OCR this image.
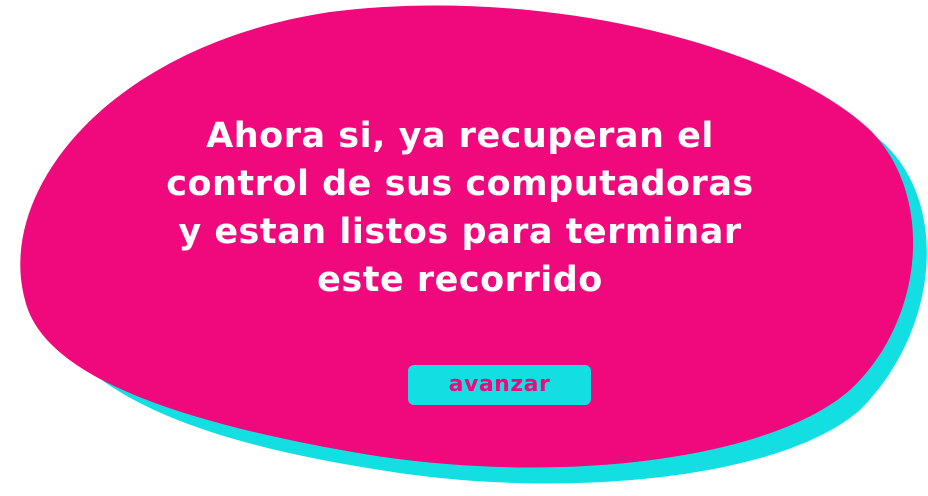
Ahora si, ya recuperan el
control de sus computadoras
y estan listos para terminar
este recorrido

avanzar
